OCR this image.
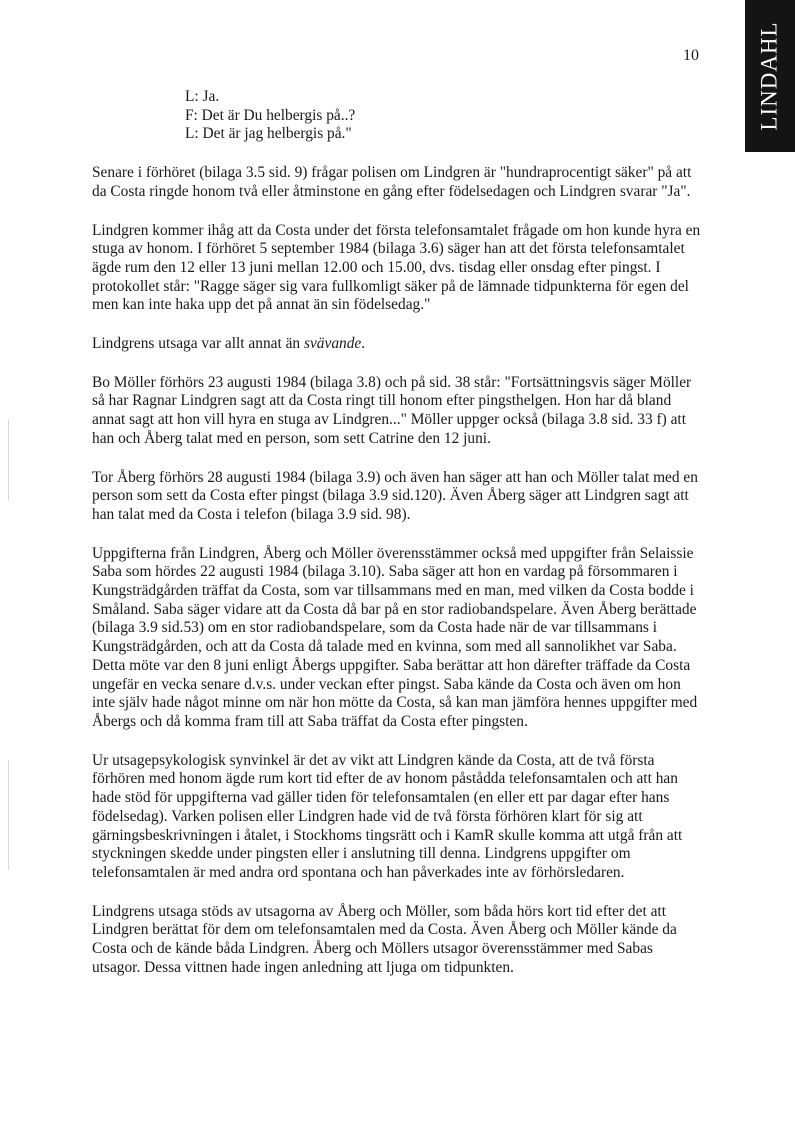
LINDAHL
10
L: Ja.
F: Det är Du helbergis på..?
L: Det är jag helbergis på."

Senare i förhöret (bilaga 3.5 sid. 9) frågar polisen om Lindgren är "hundraprocentigt säker" på att da Costa ringde honom två eller åtminstone en gång efter födelsedagen och Lindgren svarar "Ja".

Lindgren kommer ihåg att da Costa under det första telefonsamtalet frågade om hon kunde hyra en stuga av honom. I förhöret 5 september 1984 (bilaga 3.6) säger han att det första telefonsamtalet ägde rum den 12 eller 13 juni mellan 12.00 och 15.00, dvs. tisdag eller onsdag efter pingst. I protokollet står: "Ragge säger sig vara fullkomligt säker på de lämnade tidpunkterna för egen del men kan inte haka upp det på annat än sin födelsedag."

Lindgrens utsaga var allt annat än svävande.

Bo Möller förhörs 23 augusti 1984 (bilaga 3.8) och på sid. 38 står: "Fortsättningsvis säger Möller så har Ragnar Lindgren sagt att da Costa ringt till honom efter pingsthelgen. Hon har då bland annat sagt att hon vill hyra en stuga av Lindgren..." Möller uppger också (bilaga 3.8 sid. 33 f) att han och Åberg talat med en person, som sett Catrine den 12 juni.

Tor Åberg förhörs 28 augusti 1984 (bilaga 3.9) och även han säger att han och Möller talat med en person som sett da Costa efter pingst (bilaga 3.9 sid.120). Även Åberg säger att Lindgren sagt att han talat med da Costa i telefon (bilaga 3.9 sid. 98).

Uppgifterna från Lindgren, Åberg och Möller överensstämmer också med uppgifter från Selaissie Saba som hördes 22 augusti 1984 (bilaga 3.10). Saba säger att hon en vardag på försommaren i Kungsträdgården träffat da Costa, som var tillsammans med en man, med vilken da Costa bodde i Småland. Saba säger vidare att da Costa då bar på en stor radiobandspelare. Även Åberg berättade (bilaga 3.9 sid.53) om en stor radiobandspelare, som da Costa hade när de var tillsammans i Kungsträdgården, och att da Costa då talade med en kvinna, som med all sannolikhet var Saba. Detta möte var den 8 juni enligt Åbergs uppgifter. Saba berättar att hon därefter träffade da Costa ungefär en vecka senare d.v.s. under veckan efter pingst. Saba kände da Costa och även om hon inte själv hade något minne om när hon mötte da Costa, så kan man jämföra hennes uppgifter med Åbergs och då komma fram till att Saba träffat da Costa efter pingsten.

Ur utsagepsykologisk synvinkel är det av vikt att Lindgren kände da Costa, att de två första förhören med honom ägde rum kort tid efter de av honom påstådda telefonsamtalen och att han hade stöd för uppgifterna vad gäller tiden för telefonsamtalen (en eller ett par dagar efter hans födelsedag). Varken polisen eller Lindgren hade vid de två första förhören klart för sig att gärningsbeskrivningen i åtalet, i Stockhoms tingsrätt och i KamR skulle komma att utgå från att styckningen skedde under pingsten eller i anslutning till denna. Lindgrens uppgifter om telefonsamtalen är med andra ord spontana och han påverkades inte av förhörsledaren.

Lindgrens utsaga stöds av utsagorna av Åberg och Möller, som båda hörs kort tid efter det att Lindgren berättat för dem om telefonsamtalen med da Costa. Även Åberg och Möller kände da Costa och de kände båda Lindgren. Åberg och Möllers utsagor överensstämmer med Sabas utsagor. Dessa vittnen hade ingen anledning att ljuga om tidpunkten.
